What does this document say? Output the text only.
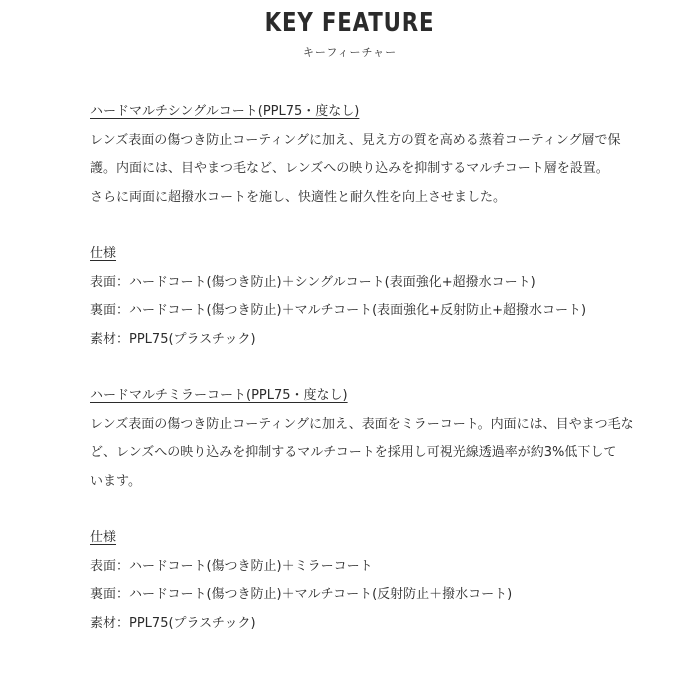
KEY FEATURE
キーフィーチャー
ハードマルチシングルコート(PPL75・度なし)
レンズ表面の傷つき防止コーティングに加え、見え方の質を高める蒸着コーティング層で保
護。内面には、目やまつ毛など、レンズへの映り込みを抑制するマルチコート層を設置。
さらに両面に超撥水コートを施し、快適性と耐久性を向上させました。
仕様
表面：ハードコート(傷つき防止)＋シングルコート(表面強化+超撥水コート)
裏面：ハードコート(傷つき防止)＋マルチコート(表面強化+反射防止+超撥水コート)
素材：PPL75(プラスチック)
ハードマルチミラーコート(PPL75・度なし)
レンズ表面の傷つき防止コーティングに加え、表面をミラーコート。内面には、目やまつ毛な
ど、レンズへの映り込みを抑制するマルチコートを採用し可視光線透過率が約3%低下して
います。
仕様
表面：ハードコート(傷つき防止)＋ミラーコート
裏面：ハードコート(傷つき防止)＋マルチコート(反射防止＋撥水コート)
素材：PPL75(プラスチック)
